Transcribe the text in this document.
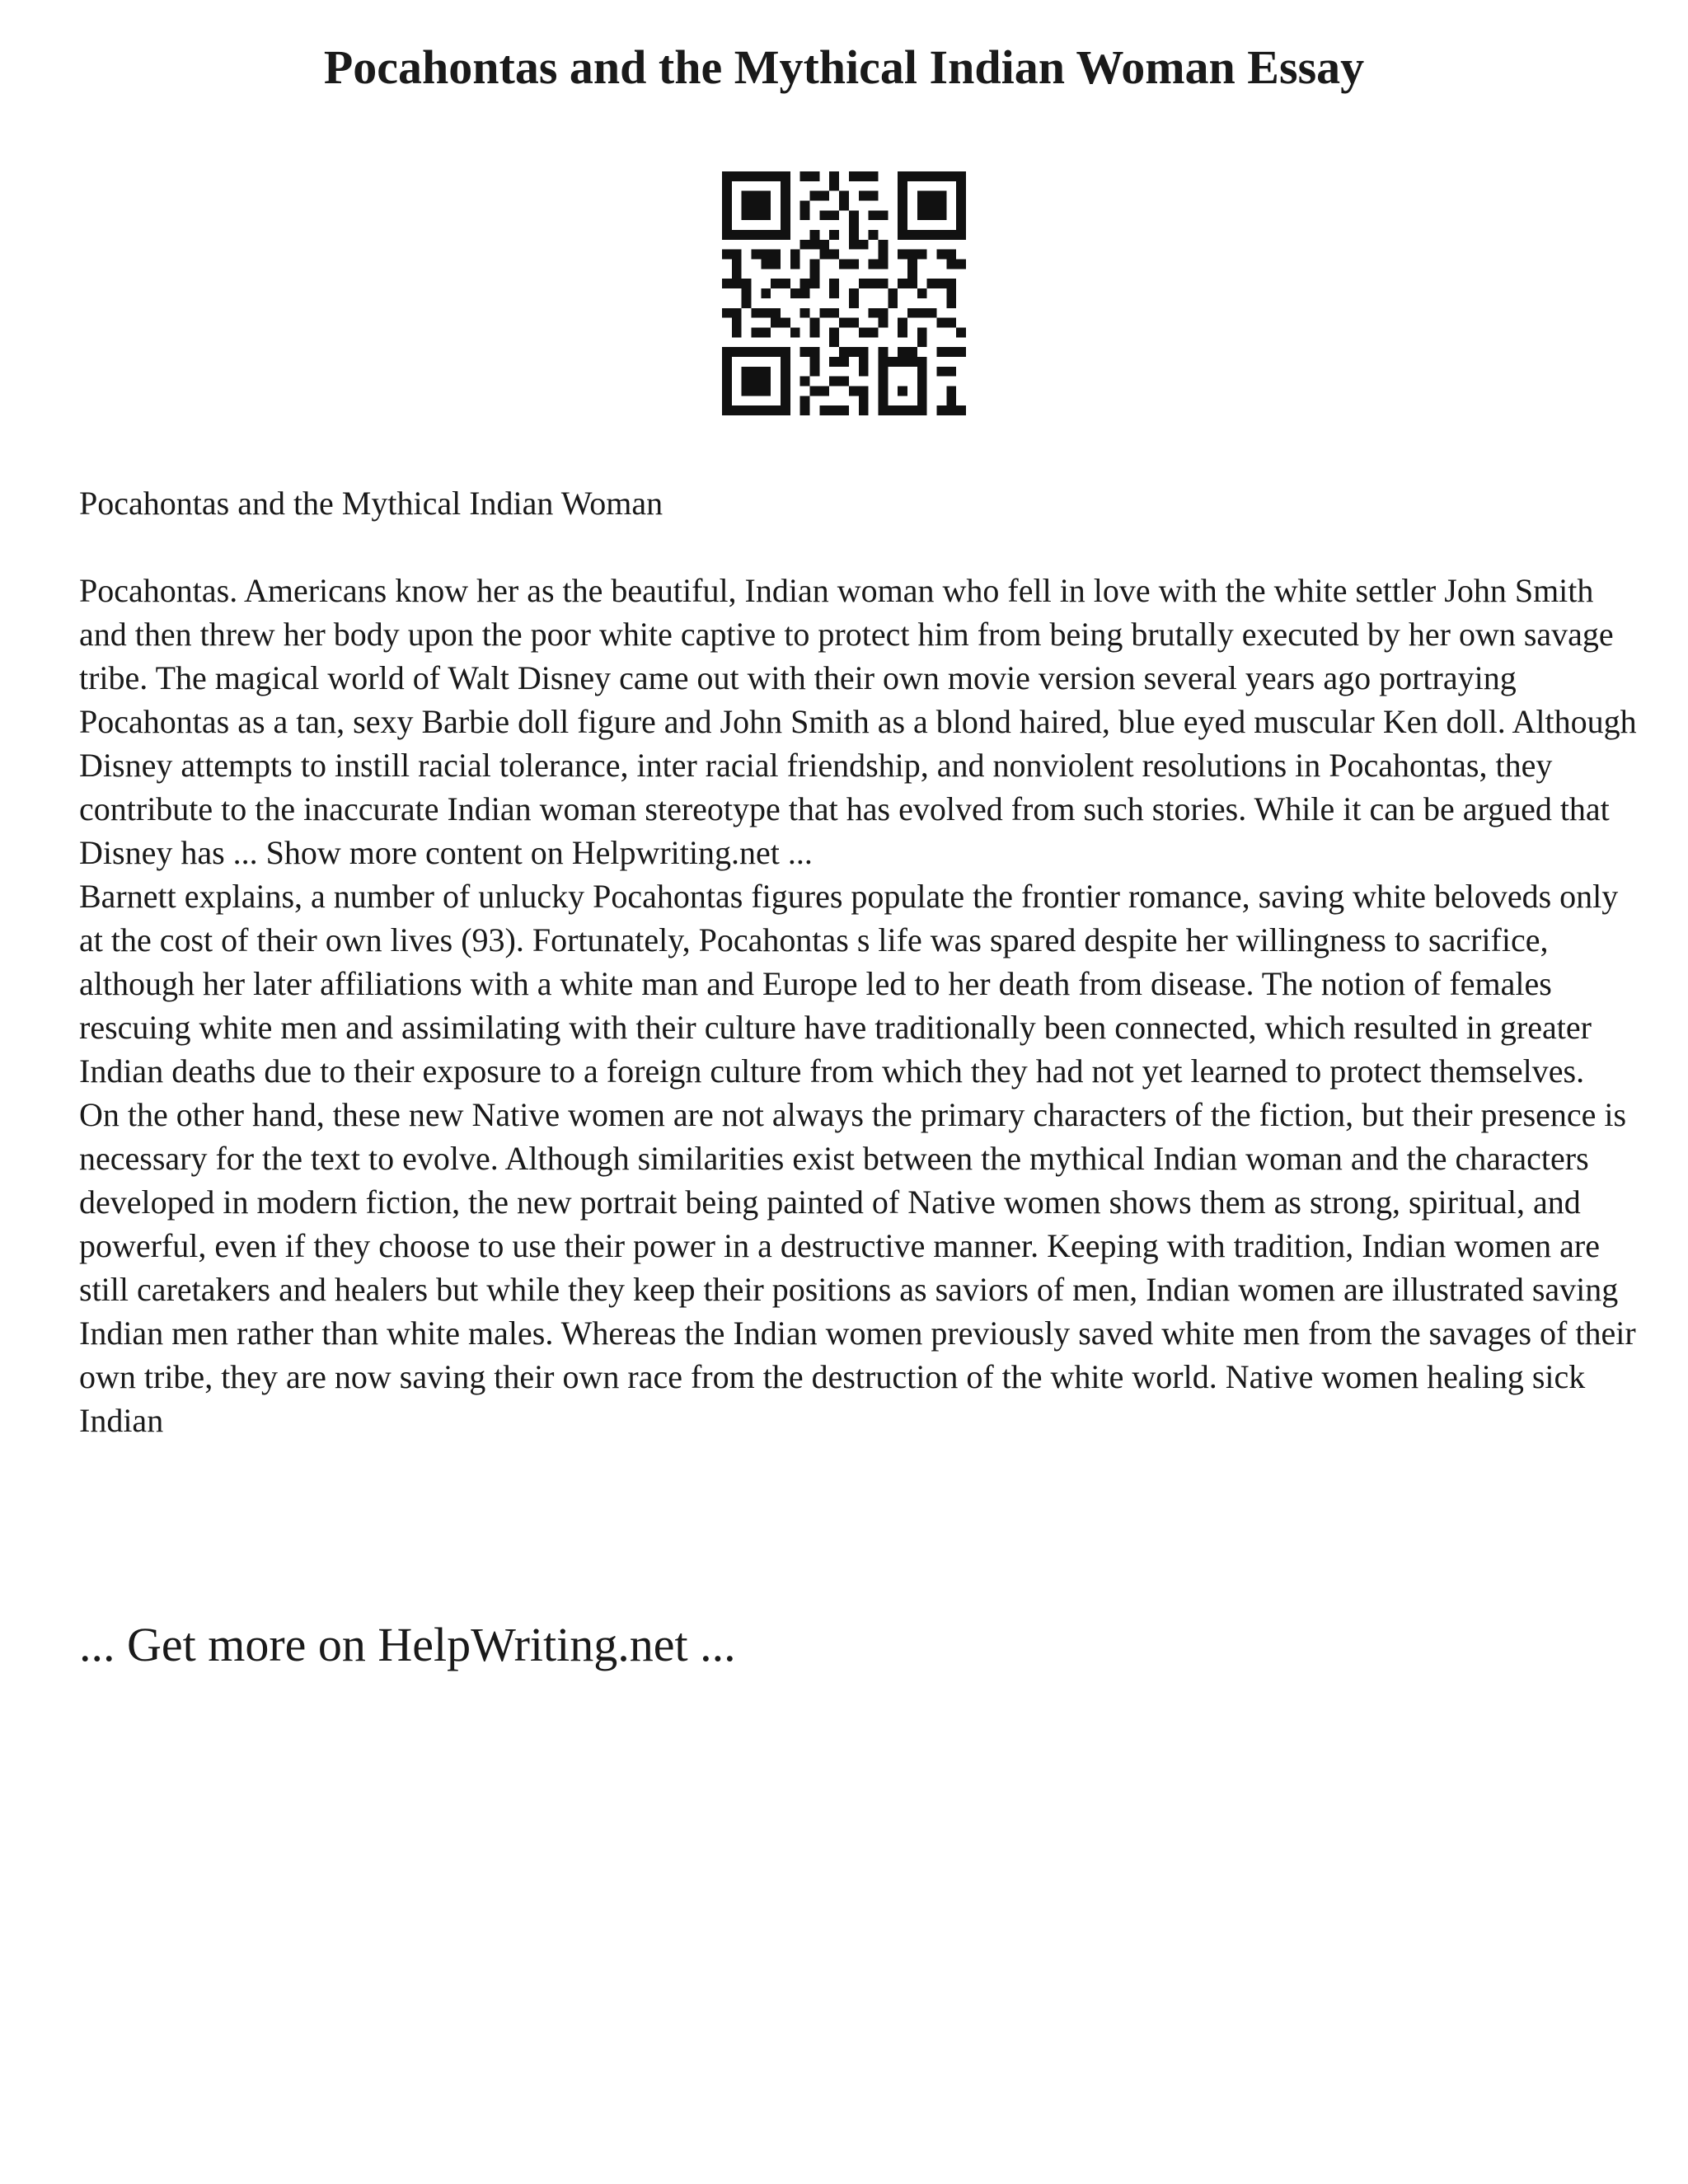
Pocahontas and the Mythical Indian Woman Essay

Pocahontas and the Mythical Indian Woman

Pocahontas. Americans know her as the beautiful, Indian woman who fell in love with the white settler John Smith and then threw her body upon the poor white captive to protect him from being brutally executed by her own savage tribe. The magical world of Walt Disney came out with their own movie version several years ago portraying Pocahontas as a tan, sexy Barbie doll figure and John Smith as a blond haired, blue eyed muscular Ken doll. Although Disney attempts to instill racial tolerance, inter racial friendship, and nonviolent resolutions in Pocahontas, they contribute to the inaccurate Indian woman stereotype that has evolved from such stories. While it can be argued that Disney has ... Show more content on Helpwriting.net ...

Barnett explains, a number of unlucky Pocahontas figures populate the frontier romance, saving white beloveds only at the cost of their own lives (93). Fortunately, Pocahontas s life was spared despite her willingness to sacrifice, although her later affiliations with a white man and Europe led to her death from disease. The notion of females rescuing white men and assimilating with their culture have traditionally been connected, which resulted in greater Indian deaths due to their exposure to a foreign culture from which they had not yet learned to protect themselves.

On the other hand, these new Native women are not always the primary characters of the fiction, but their presence is necessary for the text to evolve. Although similarities exist between the mythical Indian woman and the characters developed in modern fiction, the new portrait being painted of Native women shows them as strong, spiritual, and powerful, even if they choose to use their power in a destructive manner. Keeping with tradition, Indian women are still caretakers and healers but while they keep their positions as saviors of men, Indian women are illustrated saving Indian men rather than white males. Whereas the Indian women previously saved white men from the savages of their own tribe, they are now saving their own race from the destruction of the white world. Native women healing sick Indian

... Get more on HelpWriting.net ...
